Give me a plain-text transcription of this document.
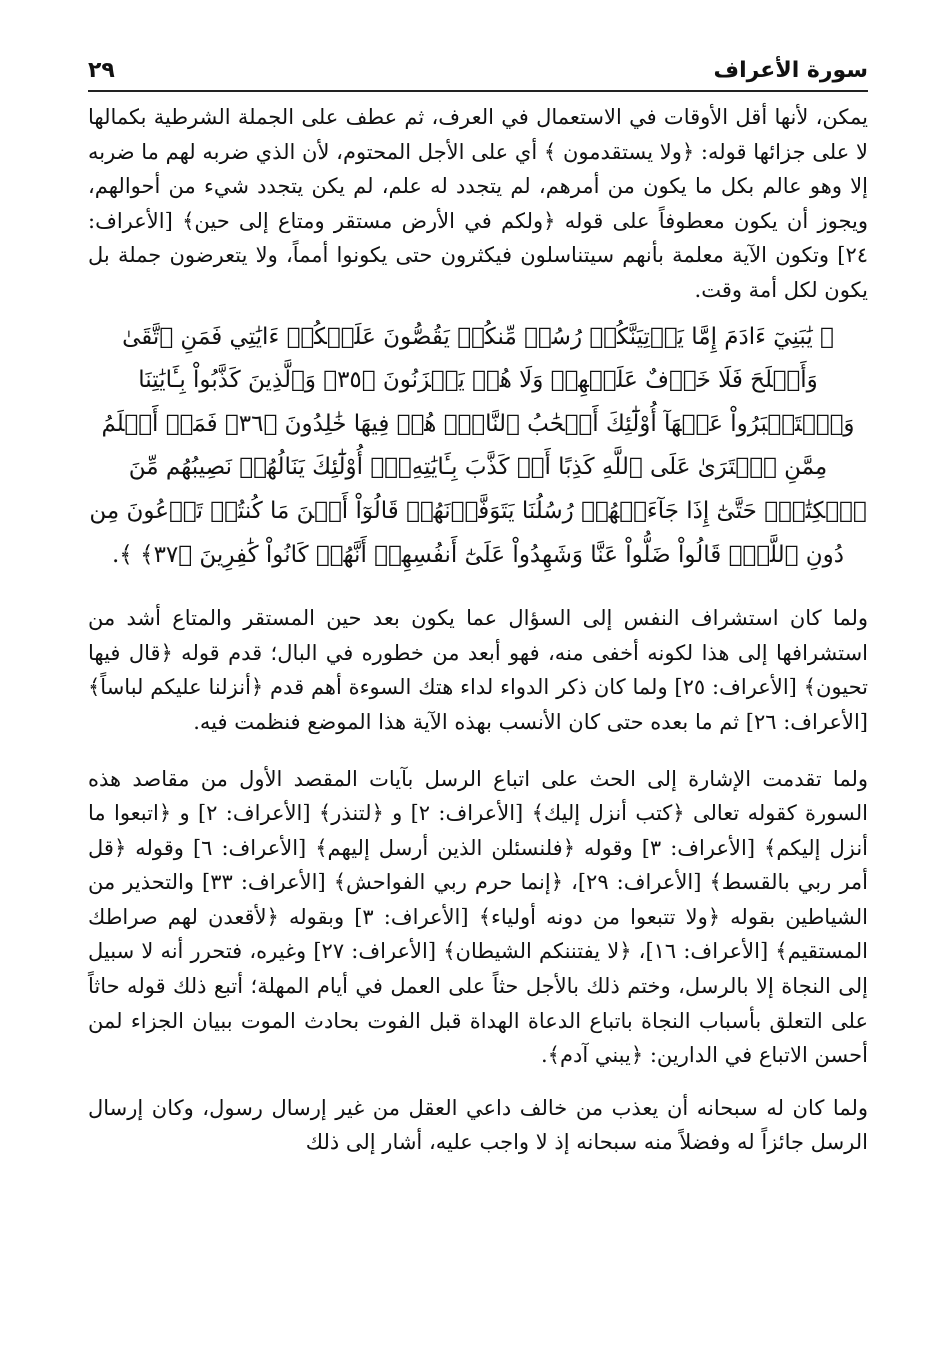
سورة الأعراف
٢٩

يمكن، لأنها أقل الأوقات في الاستعمال في العرف، ثم عطف على الجملة الشرطية بكمالها لا على جزائها قوله: ﴿ولا يستقدمون ﴾ أي على الأجل المحتوم، لأن الذي ضربه لهم ما ضربه إلا وهو عالم بكل ما يكون من أمرهم، لم يتجدد له علم، لم يكن يتجدد شيء من أحوالهم، ويجوز أن يكون معطوفاً على قوله ﴿ولكم في الأرض مستقر ومتاع إلى حين﴾ [الأعراف: ٢٤] وتكون الآية معلمة بأنهم سيتناسلون فيكثرون حتى يكونوا أمماً، ولا يتعرضون جملة بل يكون لكل أمة وقت.

﴿ يَٰبَنِيٓ ءَادَمَ إِمَّا يَأۡتِيَنَّكُمۡ رُسُلٞ مِّنكُمۡ يَقُصُّونَ عَلَيۡكُمۡ ءَايَٰتِي فَمَنِ ٱتَّقَىٰ وَأَصۡلَحَ فَلَا خَوۡفٌ عَلَيۡهِمۡ وَلَا هُمۡ يَحۡزَنُونَ ﴿٣٥﴾ وَٱلَّذِينَ كَذَّبُواْ بِـَٔايَٰتِنَا وَٱسۡتَكۡبَرُواْ عَنۡهَآ أُوْلَٰٓئِكَ أَصۡحَٰبُ ٱلنَّارِۖ هُمۡ فِيهَا خَٰلِدُونَ ﴿٣٦﴾ فَمَنۡ أَظۡلَمُ مِمَّنِ ٱفۡتَرَىٰ عَلَى ٱللَّهِ كَذِبًا أَوۡ كَذَّبَ بِـَٔايَٰتِهِۦٓۚ أُوْلَٰٓئِكَ يَنَالُهُمۡ نَصِيبُهُم مِّنَ ٱلۡكِتَٰبِۖ حَتَّىٰٓ إِذَا جَآءَتۡهُمۡ رُسُلُنَا يَتَوَفَّوۡنَهُمۡ قَالُوٓاْ أَيۡنَ مَا كُنتُمۡ تَدۡعُونَ مِن دُونِ ٱللَّهِۖ قَالُواْ ضَلُّواْ عَنَّا وَشَهِدُواْ عَلَىٰٓ أَنفُسِهِمۡ أَنَّهُمۡ كَانُواْ كَٰفِرِينَ ﴿٣٧﴾ ﴾.

ولما كان استشراف النفس إلى السؤال عما يكون بعد حين المستقر والمتاع أشد من استشرافها إلى هذا لكونه أخفى منه، فهو أبعد من خطوره في البال؛ قدم قوله ﴿قال فيها تحيون﴾ [الأعراف: ٢٥] ولما كان ذكر الدواء لداء هتك السوءة أهم قدم ﴿أنزلنا عليكم لباساً﴾ [الأعراف: ٢٦] ثم ما بعده حتى كان الأنسب بهذه الآية هذا الموضع فنظمت فيه.

ولما تقدمت الإشارة إلى الحث على اتباع الرسل بآيات المقصد الأول من مقاصد هذه السورة كقوله تعالى ﴿كتب أنزل إليك﴾ [الأعراف: ٢] و ﴿لتنذر﴾ [الأعراف: ٢] و ﴿اتبعوا ما أنزل إليكم﴾ [الأعراف: ٣] وقوله ﴿فلنسئلن الذين أرسل إليهم﴾ [الأعراف: ٦] وقوله ﴿قل أمر ربي بالقسط﴾ [الأعراف: ٢٩]، ﴿إنما حرم ربي الفواحش﴾ [الأعراف: ٣٣] والتحذير من الشياطين بقوله ﴿ولا تتبعوا من دونه أولياء﴾ [الأعراف: ٣] وبقوله ﴿لأقعدن لهم صراطك المستقيم﴾ [الأعراف: ١٦]، ﴿لا يفتننكم الشيطان﴾ [الأعراف: ٢٧] وغيره، فتحرر أنه لا سبيل إلى النجاة إلا بالرسل، وختم ذلك بالأجل حثاً على العمل في أيام المهلة؛ أتبع ذلك قوله حاثاً على التعلق بأسباب النجاة باتباع الدعاة الهداة قبل الفوت بحادث الموت ببيان الجزاء لمن أحسن الاتباع في الدارين: ﴿يبني آدم﴾.

ولما كان له سبحانه أن يعذب من خالف داعي العقل من غير إرسال رسول، وكان إرسال الرسل جائزاً له وفضلاً منه سبحانه إذ لا واجب عليه، أشار إلى ذلك
